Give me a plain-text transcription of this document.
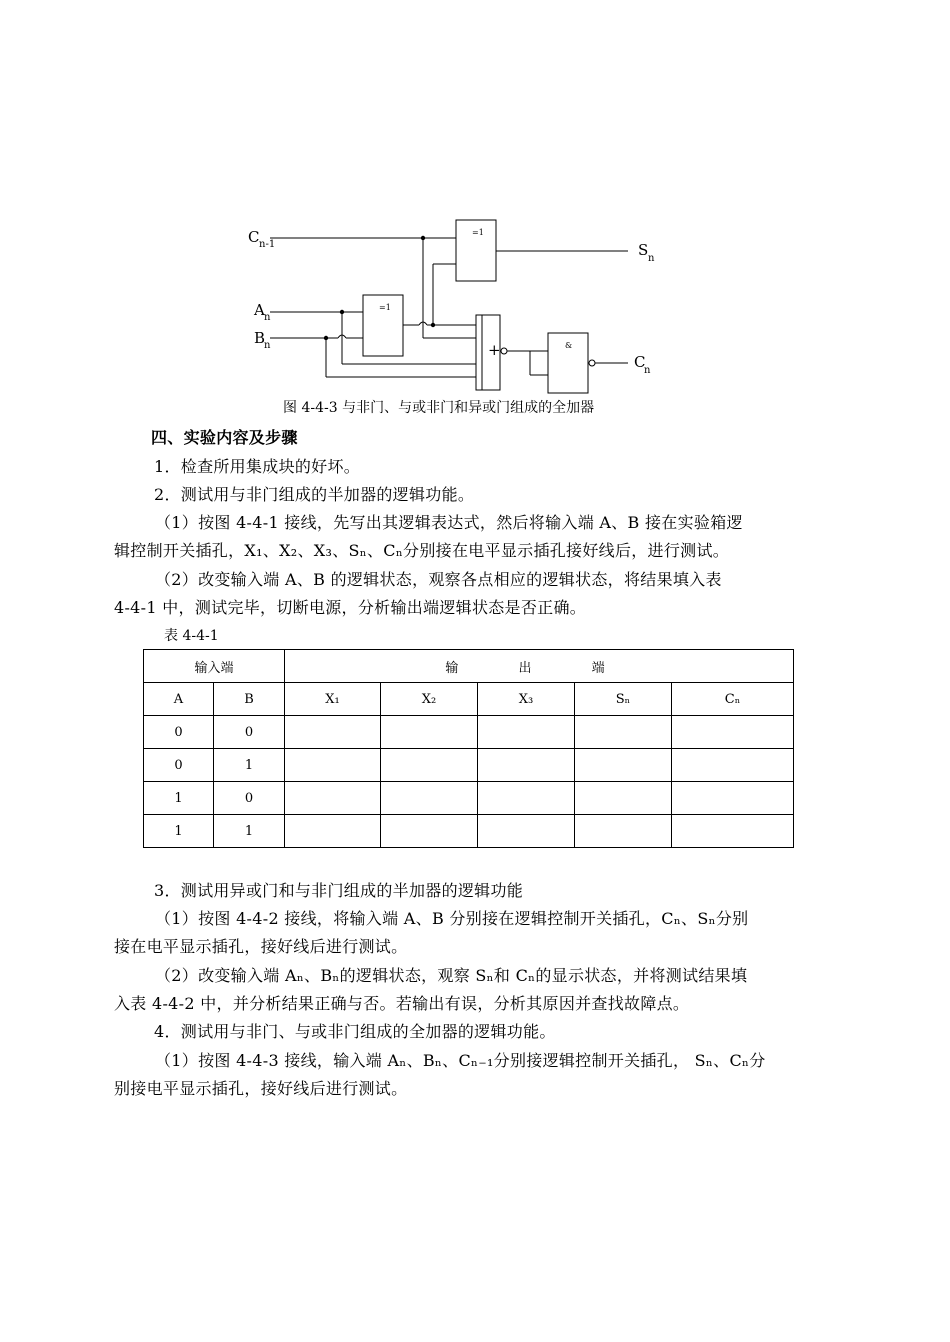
C n-1
A n
B
n
S n
C
n
=1
=1
+	&
图 4-4-3 与非门、与或非门和异或门组成的全加器
四、实验内容及步骤
1．检查所用集成块的好坏。
2．测试用与非门组成的半加器的逻辑功能。
（1）按图 4-4-1 接线，先写出其逻辑表达式，然后将输入端 A、B 接在实验箱逻
辑控制开关插孔，X₁、X₂、X₃、Sₙ、Cₙ分别接在电平显示插孔接好线后，进行测试。
（2）改变输入端 A、B 的逻辑状态，观察各点相应的逻辑状态，将结果填入表
4-4-1 中，测试完毕，切断电源，分析输出端逻辑状态是否正确。
表 4-4-1
输入端		输 出 端				
A	B	X₁	X₂	X₃	Sₙ	Cₙ
0	0					
0	1					
1	0					
1	1					
3．测试用异或门和与非门组成的半加器的逻辑功能
（1）按图 4-4-2 接线，将输入端 A、B 分别接在逻辑控制开关插孔，Cₙ、Sₙ分别
接在电平显示插孔，接好线后进行测试。
（2）改变输入端 Aₙ、Bₙ的逻辑状态，观察 Sₙ和 Cₙ的显示状态，并将测试结果填
入表 4-4-2 中，并分析结果正确与否。若输出有误，分析其原因并查找故障点。
4．测试用与非门、与或非门组成的全加器的逻辑功能。
（1）按图 4-4-3 接线，输入端 Aₙ、Bₙ、Cₙ₋₁分别接逻辑控制开关插孔， Sₙ、Cₙ分
别接电平显示插孔，接好线后进行测试。
